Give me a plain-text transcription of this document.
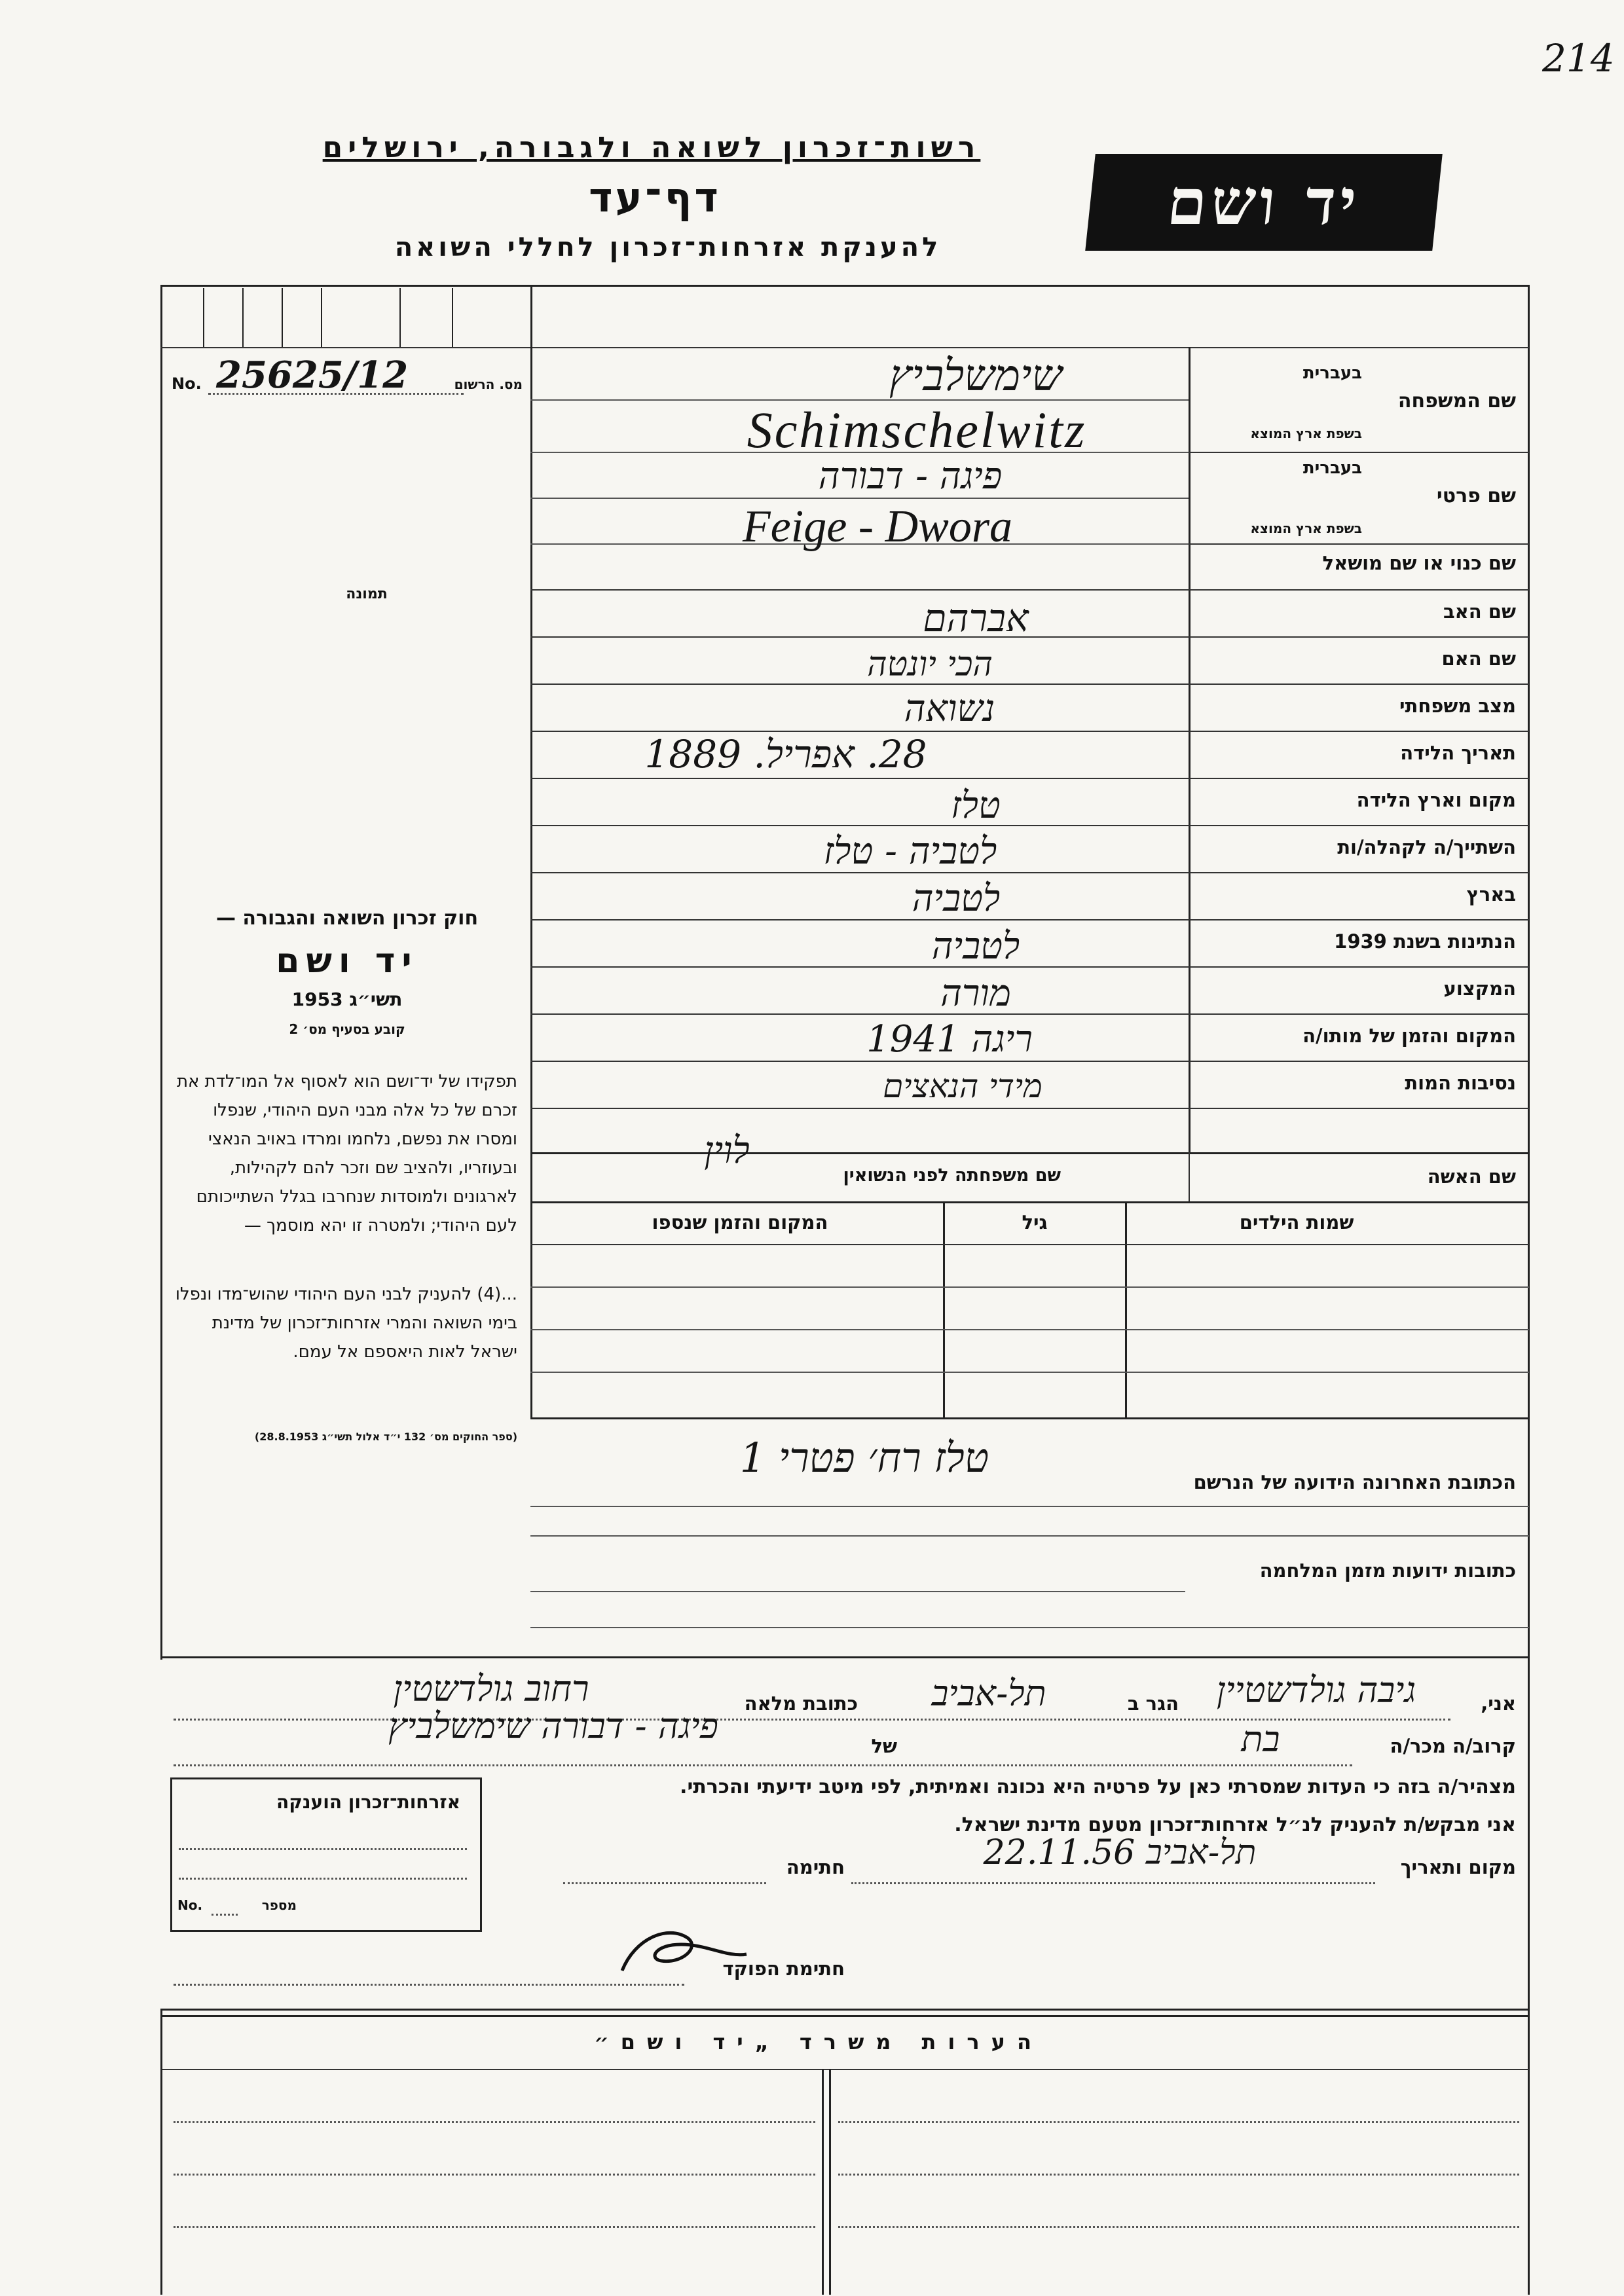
214
רשות־זכרון לשואה ולגבורה, ירושלים
דף־עד
להענקת אזרחות־זכרון לחללי השואה
יד ושם
No. 25625/12	מס. הרשום
תמונה
שם המשפחה
בעברית
בשפת ארץ המוצא
שימשלביץ
Schimschelwitz
שם פרטי
בעברית
בשפת ארץ המוצא
פיגה - דבורה
Feige - Dwora
שם כנוי או שם מושאל
שם האב
אברהם
שם האם
הכי יונטה
מצב משפחתי
נשואה
תאריך הלידה
28. אפריל. 1889
מקום וארץ הלידה
טלז
השתייך/ה לקהלה/ות
לטביה - טלז
בארץ
לטביה
הנתינות בשנת 1939
לטביה
המקצוע
מורה
המקום והזמן של מותו/ה
ריגה 1941
נסיבות המות
מידי הנאצים
שם האשה
שם משפחתה לפני הנשואין
לוין
שמות הילדים
גיל
המקום והזמן שנספו
הכתובת האחרונה הידועה של הנרשם
טלז רח׳ פטרי 1
כתובות ידועות מזמן המלחמה
חוק זכרון השואה והגבורה —
יד ושם
תשי״ג 1953
קובע בסעיף מס׳ 2
תפקידו של יד־ושם הוא לאסוף אל המו־לדת את זכרם של כל אלה מבני העם היהודי, שנפלו ומסרו את נפשם, נלחמו ומרדו באויב הנאצי ובעוזריו, ולהציב שם וזכר להם לקהילות, לארגונים ולמוסדות שנחרבו בגלל השתייכותם לעם היהודי; ולמטרה זו יהא מוסמך —
...(4) להעניק לבני העם היהודי שהוש־מדו ונפלו בימי השואה והמרי אזרחות־זכרון של מדינת ישראל לאות היאספם אל עמם.
(ספר החוקים מס׳ 132 י״ד אלול תשי״ג 28.8.1953)
אני,
גיבה גולדשטיין
הגר ב
תל-אביב
כתובת מלאה
רחוב גולדשטין
קרוב/ה מכר/ה
בת
של
פיגה - דבורה שימשלביץ
מצהיר/ה בזה כי העדות שמסרתי כאן על פרטיה היא נכונה ואמיתית, לפי מיטב ידיעתי והכרתי.
אני מבקש/ת להעניק לנ״ל אזרחות־זכרון מטעם מדינת ישראל.
מקום ותאריך
תל-אביב 22.11.56
חתימה
חתימת הפוקד
אזרחות־זכרון הוענקה
No.	מספר
הערות משרד „יד ושם״
